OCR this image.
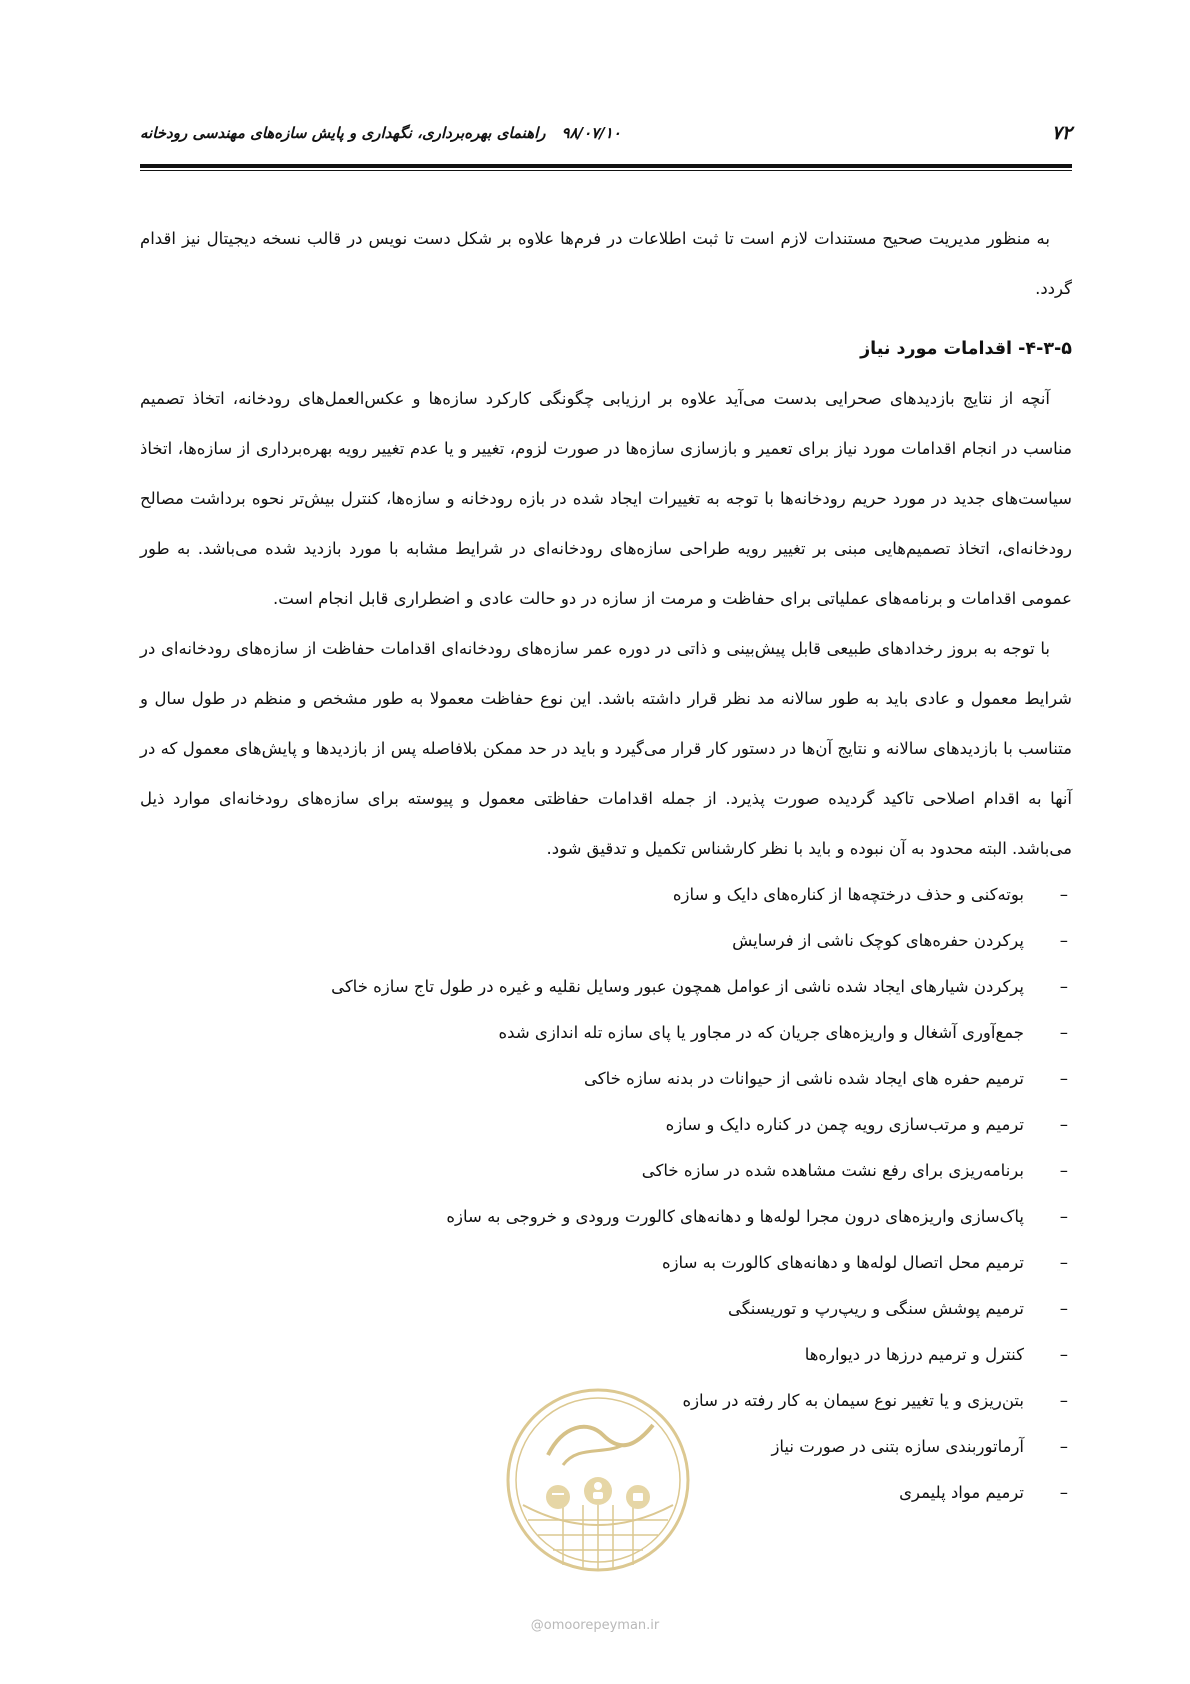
۷۲
۹۸/۰۷/۱۰راهنمای بهره‌برداری، نگهداری و پایش سازه‌های مهندسی رودخانه

به منظور مدیریت صحیح مستندات لازم است تا ثبت اطلاعات در فرم‌ها علاوه بر شکل دست نویس در قالب نسخه دیجیتال نیز اقدام گردد.

۴-۳-۵- اقدامات مورد نیاز

آنچه از نتایج بازدیدهای صحرایی بدست می‌آید علاوه بر ارزیابی چگونگی کارکرد سازه‌ها و عکس‌العمل‌های رودخانه، اتخاذ تصمیم مناسب در انجام اقدامات مورد نیاز برای تعمیر و بازسازی سازه‌ها در صورت لزوم، تغییر و یا عدم تغییر رویه بهره‌برداری از سازه‌ها، اتخاذ سیاست‌های جدید در مورد حریم رودخانه‌ها با توجه به تغییرات ایجاد شده در بازه رودخانه و سازه‌ها، کنترل بیش‌تر نحوه برداشت مصالح رودخانه‌ای، اتخاذ تصمیم‌هایی مبنی بر تغییر رویه طراحی سازه‌های رودخانه‌ای در شرایط مشابه با مورد بازدید شده می‌باشد. به طور عمومی اقدامات و برنامه‌های عملیاتی برای حفاظت و مرمت از سازه در دو حالت عادی و اضطراری قابل انجام است.

با توجه به بروز رخدادهای طبیعی قابل پیش‌بینی و ذاتی در دوره عمر سازه‌های رودخانه‌ای اقدامات حفاظت از سازه‌های رودخانه‌ای در شرایط معمول و عادی باید به طور سالانه مد نظر قرار داشته باشد. این نوع حفاظت معمولا به طور مشخص و منظم در طول سال و متناسب با بازدیدهای سالانه و نتایج آن‌ها در دستور کار قرار می‌گیرد و باید در حد ممکن بلافاصله پس از بازدیدها و پایش‌های معمول که در آنها به اقدام اصلاحی تاکید گردیده صورت پذیرد. از جمله اقدامات حفاظتی معمول و پیوسته برای سازه‌های رودخانه‌ای موارد ذیل می‌باشد. البته محدود به آن نبوده و باید با نظر کارشناس تکمیل و تدقیق شود.

–
بوته‌کنی و حذف درختچه‌ها از کناره‌های دایک و سازه
–
پرکردن حفره‌های کوچک ناشی از فرسایش
–
پرکردن شیارهای ایجاد شده ناشی از عوامل همچون عبور وسایل نقلیه و غیره در طول تاج سازه خاکی
–
جمع‌آوری آشغال و واریزه‌های جریان که در مجاور یا پای سازه تله اندازی شده
–
ترمیم حفره های ایجاد شده ناشی از حیوانات در بدنه سازه خاکی
–
ترمیم و مرتب‌سازی رویه چمن در کناره دایک و سازه
–
برنامه‌ریزی برای رفع نشت مشاهده شده در سازه خاکی
–
پاک‌سازی واریزه‌های درون مجرا لوله‌ها و دهانه‌های کالورت ورودی و خروجی به سازه
–
ترمیم محل اتصال لوله‌ها و دهانه‌های کالورت به سازه
–
ترمیم پوشش سنگی و ریپ‌رپ و توریسنگی
–
کنترل و ترمیم درزها در دیواره‌ها
–
بتن‌ریزی و یا تغییر نوع سیمان به کار رفته در سازه
–
آرماتوربندی سازه بتنی در صورت نیاز
–
ترمیم مواد پلیمری
@omoorepeyman.ir
